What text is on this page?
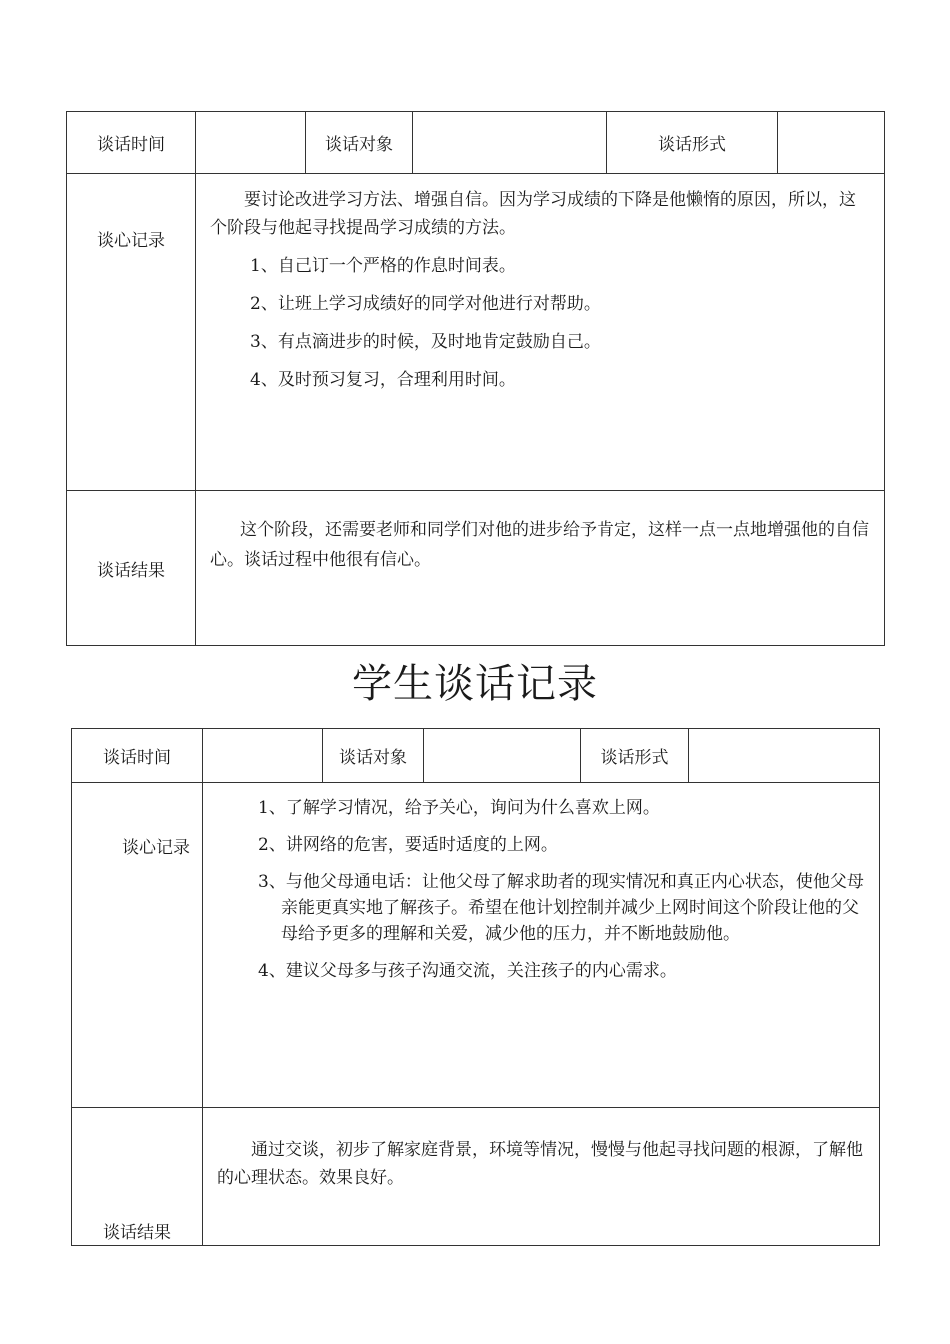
谈话时间		谈话对象		谈话形式	
谈心记录	要讨论改进学习方法、增强自信。因为学习成绩的下降是他懒惰的原因，所以，这个阶段与他起寻找提咼学习成绩的方法。

1、自己订一个严格的作息时间表。

2、让班上学习成绩好的同学对他进行对帮助。

3、有点滴进步的时候，及时地肯定鼓励自己。

4、及时预习复习，合理利用时间。				

谈话结果	这个阶段，还需要老师和同学们对他的进步给予肯定，这样一点一点地增强他的自信心。谈话过程中他很有信心。				

学生谈话记录
谈话时间		谈话对象		谈话形式	

谈心记录	1、了解学习情况，给予关心，询问为什么喜欢上网。

2、讲网络的危害，要适时适度的上网。

3、与他父母通电话：让他父母了解求助者的现实情况和真正内心状态，使他父母亲能更真实地了解孩子。希望在他计划控制并减少上网时间这个阶段让他的父母给予更多的理解和关爱，减少他的压力，并不断地鼓励他。

4、建议父母多与孩子沟通交流，关注孩子的内心需求。				

谈话结果	通过交谈，初步了解家庭背景，环境等情况，慢慢与他起寻找问题的根源，了解他的心理状态。效果良好。				
